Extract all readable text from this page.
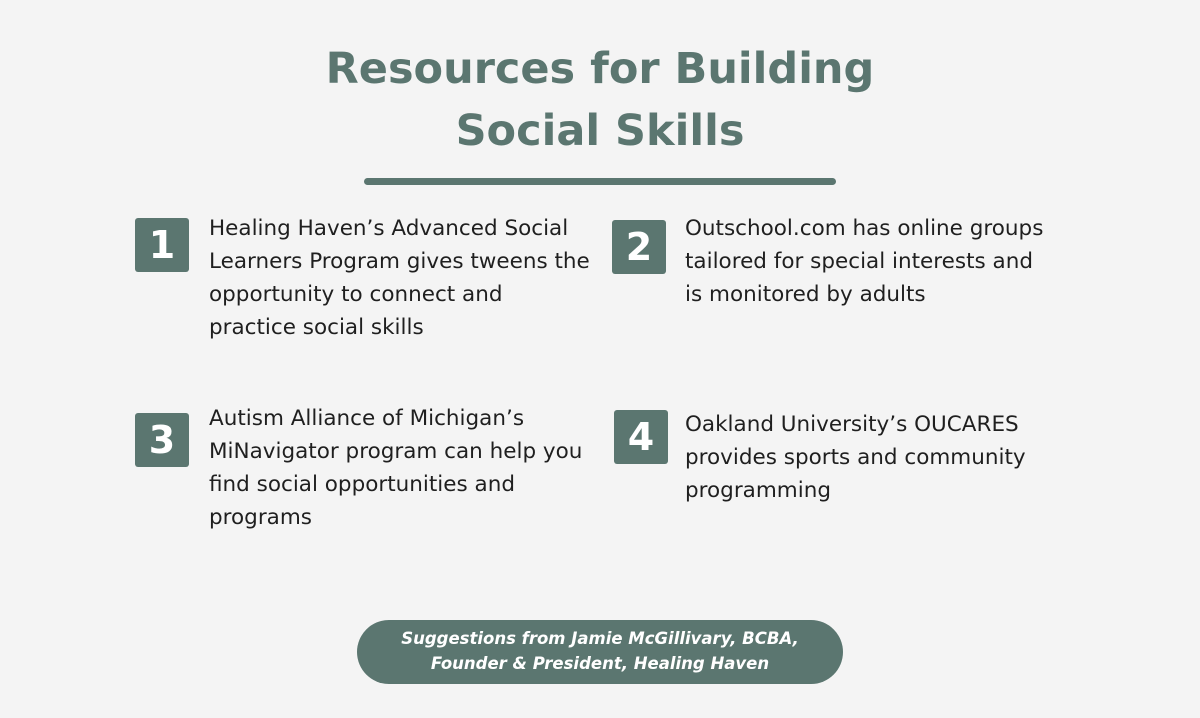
Resources for Building
Social Skills
1	Healing Haven’s Advanced Social Learners Program gives tweens the opportunity to connect and practice social skills

2	Outschool.com has online groups tailored for special interests and is monitored by adults

3	Autism Alliance of Michigan’s MiNavigator program can help you find social opportunities and programs

4	Oakland University’s OUCARES provides sports and community programming

Suggestions from Jamie McGillivary, BCBA,
Founder & President, Healing Haven
